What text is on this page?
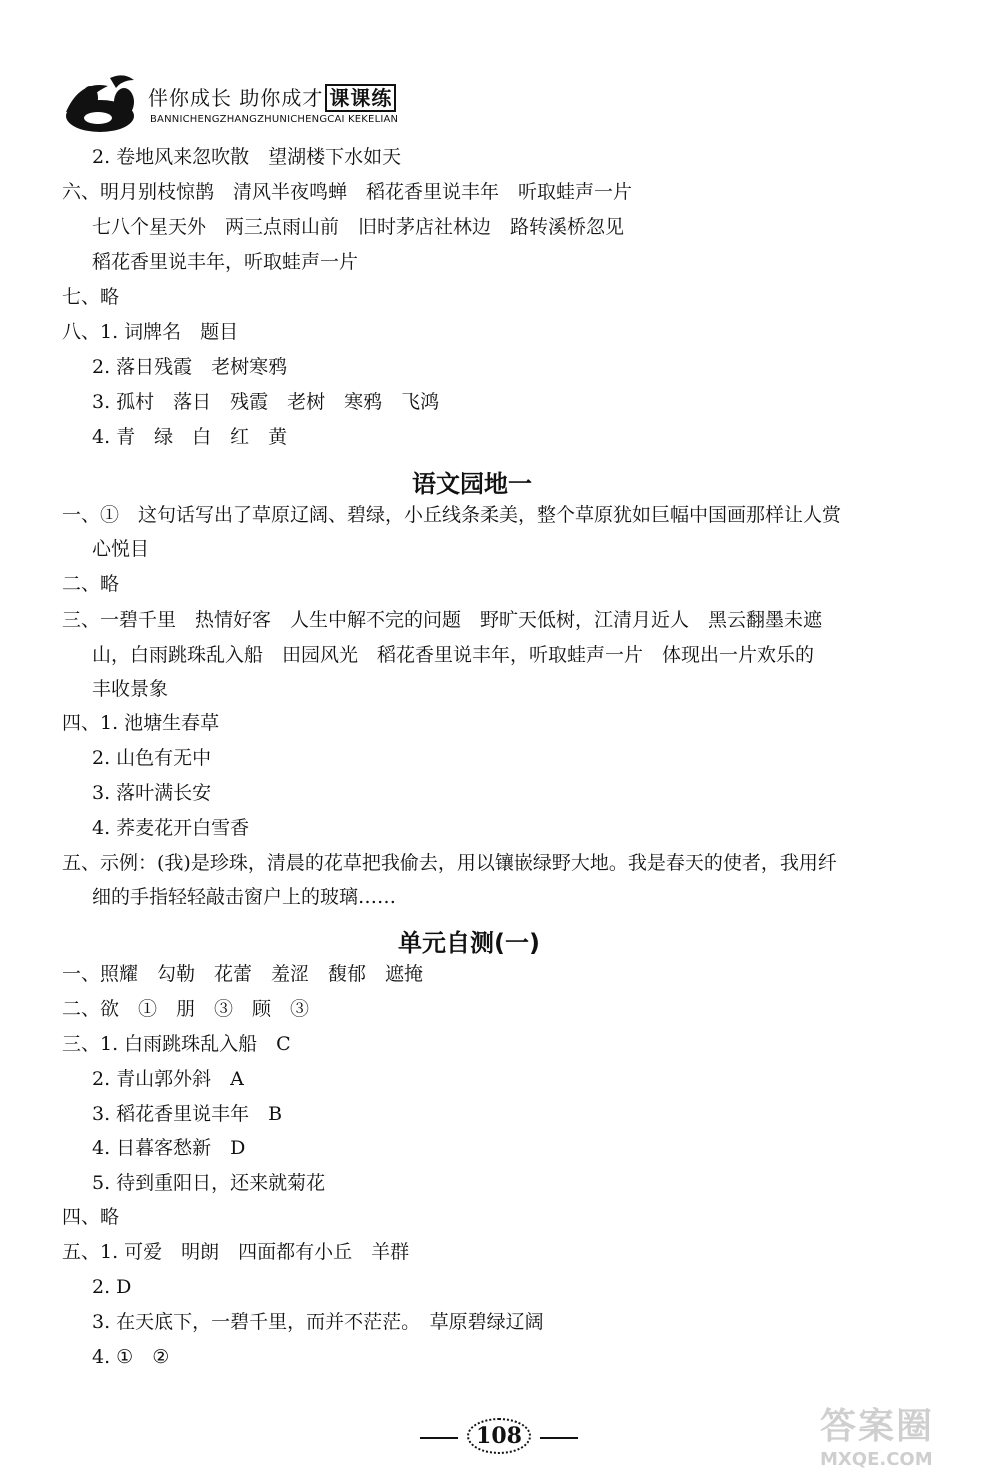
伴你成长 助你成才 课课练
BANNICHENGZHANGZHUNICHENGCAI KEKELIAN
2. 卷地风来忽吹散　望湖楼下水如天
六、明月别枝惊鹊　清风半夜鸣蝉　稻花香里说丰年　听取蛙声一片
七八个星天外　两三点雨山前　旧时茅店社林边　路转溪桥忽见
稻花香里说丰年，听取蛙声一片
七、略
八、1. 词牌名　题目
2. 落日残霞　老树寒鸦
3. 孤村　落日　残霞　老树　寒鸦　飞鸿
4. 青　绿　白　红　黄
语文园地一
一、①　这句话写出了草原辽阔、碧绿，小丘线条柔美，整个草原犹如巨幅中国画那样让人赏
心悦目
二、略
三、一碧千里　热情好客　人生中解不完的问题　野旷天低树，江清月近人　黑云翻墨未遮
山，白雨跳珠乱入船　田园风光　稻花香里说丰年，听取蛙声一片　体现出一片欢乐的
丰收景象
四、1. 池塘生春草
2. 山色有无中
3. 落叶满长安
4. 荞麦花开白雪香
五、示例：(我)是珍珠，清晨的花草把我偷去，用以镶嵌绿野大地。我是春天的使者，我用纤
细的手指轻轻敲击窗户上的玻璃……
单元自测(一)
一、照耀　勾勒　花蕾　羞涩　馥郁　遮掩
二、欲　①　朋　③　顾　③
三、1. 白雨跳珠乱入船　C
2. 青山郭外斜　A
3. 稻花香里说丰年　B
4. 日暮客愁新　D
5. 待到重阳日，还来就菊花
四、略
五、1. 可爱　明朗　四面都有小丘　羊群
2. D
3. 在天底下，一碧千里，而并不茫茫。　草原碧绿辽阔
4. ①　②
108	答案圈
MXQE.COM
